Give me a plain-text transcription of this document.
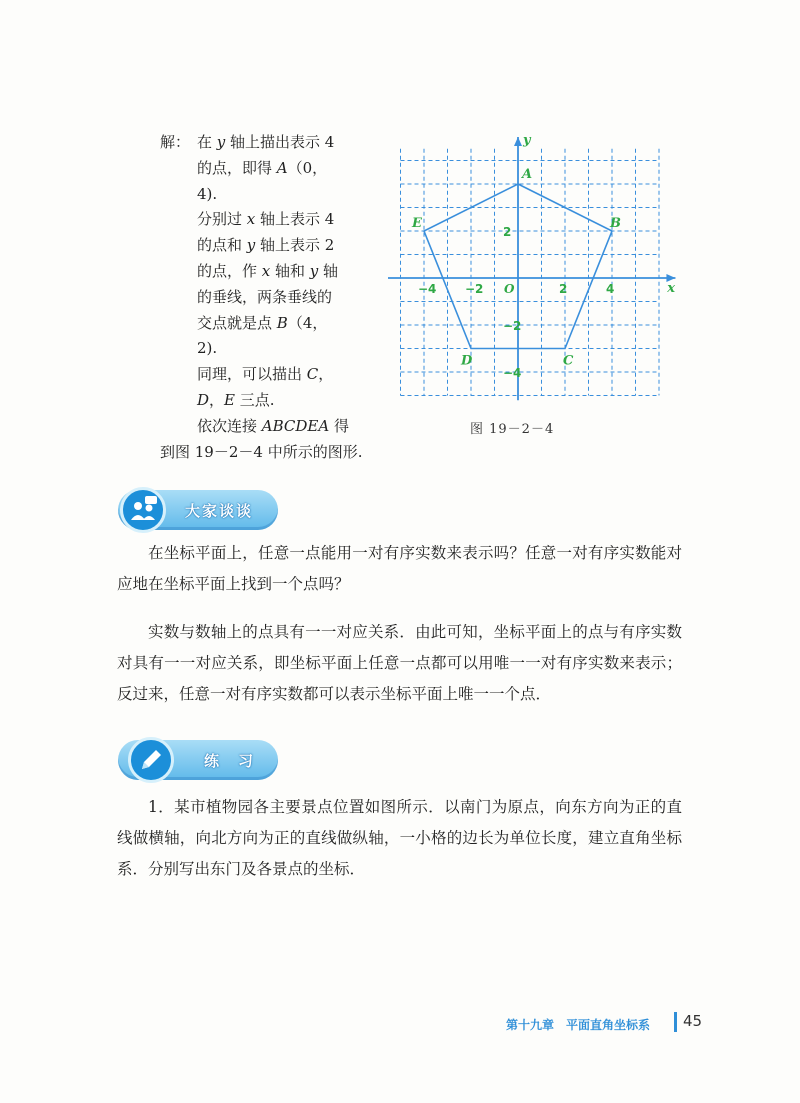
解： 在 y 轴上描出表示 4
的点，即得 A（0，
4).
分别过 x 轴上表示 4
的点和 y 轴上表示 2
的点，作 x 轴和 y 轴
的垂线，两条垂线的
交点就是点 B（4，
2).
同理，可以描出 C，
D，E 三点.
依次连接 ABCDEA 得
到图 19－2－4 中所示的图形.
x
y
−4 −2	2	4
2
−2
−4
O
A
B
C
D
E
图 19－2－4
大家谈谈
在坐标平面上，任意一点能用一对有序实数来表示吗？任意一对有序实数能对应地在坐标平面上找到一个点吗？
实数与数轴上的点具有一一对应关系．由此可知，坐标平面上的点与有序实数对具有一一对应关系，即坐标平面上任意一点都可以用唯一一对有序实数来表示；反过来，任意一对有序实数都可以表示坐标平面上唯一一个点．
练　习
1．某市植物园各主要景点位置如图所示．以南门为原点，向东方向为正的直线做横轴，向北方向为正的直线做纵轴，一小格的边长为单位长度，建立直角坐标系．分别写出东门及各景点的坐标．
第十九章　平面直角坐标系 45
